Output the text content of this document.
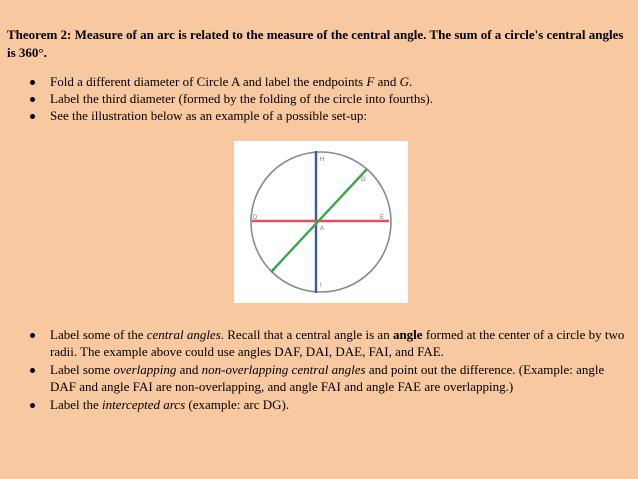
Theorem 2: Measure of an arc is related to the measure of the central angle. The sum of a circle's central angles is 360°.
Fold a different diameter of Circle A and label the endpoints F and G.
Label the third diameter (formed by the folding of the circle into fourths).
See the illustration below as an example of a possible set-up:
H
G
D	E
A
F
I
Label some of the central angles. Recall that a central angle is an angle formed at the center of a circle by two radii. The example above could use angles DAF, DAI, DAE, FAI, and FAE.
Label some overlapping and non-overlapping central angles and point out the difference. (Example: angle DAF and angle FAI are non-overlapping, and angle FAI and angle FAE are overlapping.)
Label the intercepted arcs (example: arc DG).
